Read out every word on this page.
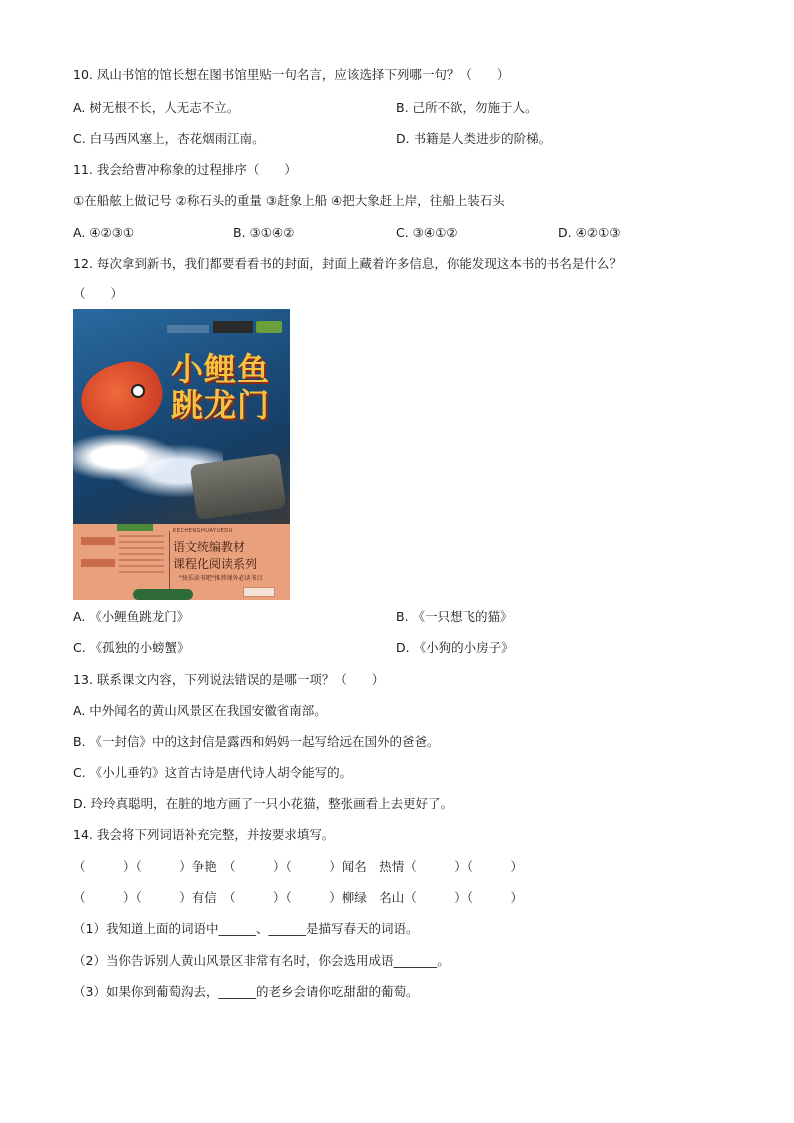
10. 凤山书馆的馆长想在图书馆里贴一句名言，应该选择下列哪一句？（　　）
A. 树无根不长，人无志不立。	B. 己所不欲，勿施于人。
C. 白马西风塞上，杏花烟雨江南。	D. 书籍是人类进步的阶梯。
11. 我会给曹冲称象的过程排序（　　）
①在船舷上做记号 ②称石头的重量 ③赶象上船 ④把大象赶上岸，往船上装石头
A. ④②③①	B. ③①④②	C. ③④①②	D. ④②①③
12. 每次拿到新书，我们都要看看书的封面，封面上藏着许多信息，你能发现这本书的书名是什么？
（　　）
小鲤鱼
跳龙门
KECHENGHUAYUEDU
语文统编教材
课程化阅读系列
"快乐读书吧"推荐课外必读书目
A. 《小鲤鱼跳龙门》	B. 《一只想飞的猫》
C. 《孤独的小螃蟹》	D. 《小狗的小房子》
13. 联系课文内容，下列说法错误的是哪一项？（　　）
A. 中外闻名的黄山风景区在我国安徽省南部。
B. 《一封信》中的这封信是露西和妈妈一起写给远在国外的爸爸。
C. 《小儿垂钓》这首古诗是唐代诗人胡令能写的。
D. 玲玲真聪明，在脏的地方画了一只小花猫，整张画看上去更好了。
14. 我会将下列词语补充完整，并按要求填写。
（　　　）（　　　）争艳　（　　　）（　　　）闻名　热情（　　　）（　　　）
（　　　）（　　　）有信　（　　　）（　　　）柳绿　名山（　　　）（　　　）
（1）我知道上面的词语中______、______是描写春天的词语。
（2）当你告诉别人黄山风景区非常有名时，你会选用成语_______。
（3）如果你到葡萄沟去，______的老乡会请你吃甜甜的葡萄。
